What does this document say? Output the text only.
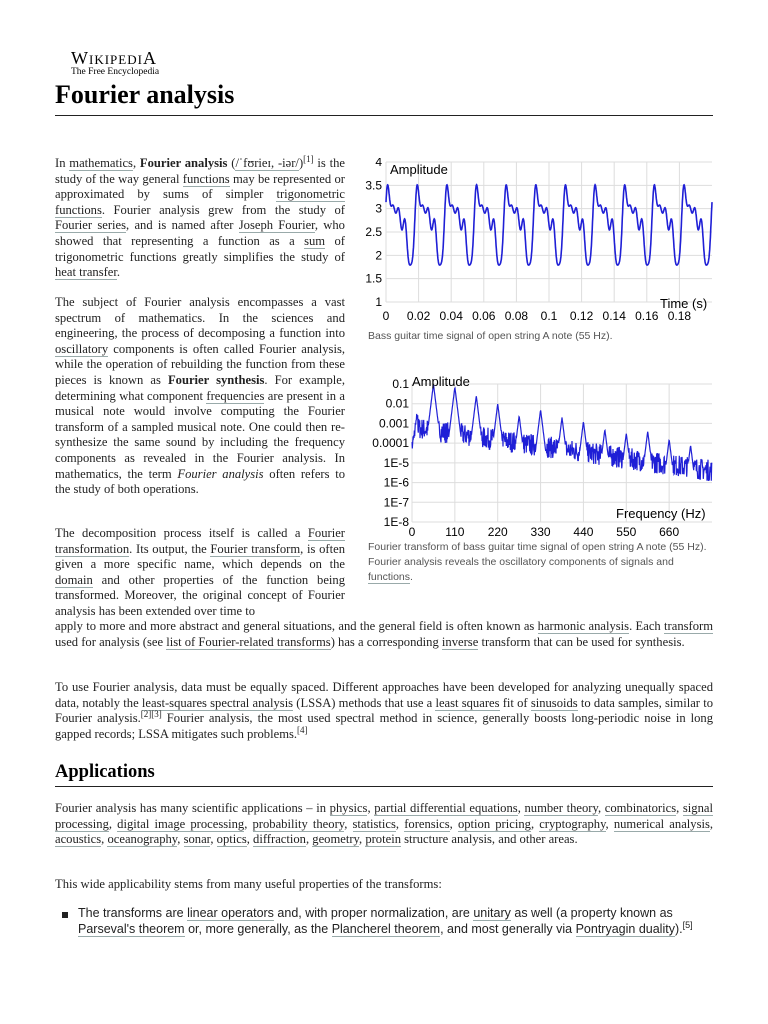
WikipediA
The Free Encyclopedia
Fourier analysis

In mathematics, Fourier analysis (/ˈfʊrieɪ, -iər/)[1] is the study of the way general functions may be represented or approximated by sums of simpler trigonometric functions. Fourier analysis grew from the study of Fourier series, and is named after Joseph Fourier, who showed that representing a function as a sum of trigonometric functions greatly simplifies the study of heat transfer.

The subject of Fourier analysis encompasses a vast spectrum of mathematics. In the sciences and engineering, the process of decomposing a function into oscillatory components is often called Fourier analysis, while the operation of rebuilding the function from these pieces is known as Fourier synthesis. For example, determining what component frequencies are present in a musical note would involve computing the Fourier transform of a sampled musical note. One could then re-synthesize the same sound by including the frequency components as revealed in the Fourier analysis. In mathematics, the term Fourier analysis often refers to the study of both operations.

The decomposition process itself is called a Fourier transformation. Its output, the Fourier transform, is often given a more specific name, which depends on the domain and other properties of the function being transformed. Moreover, the original concept of Fourier analysis has been extended over time to

apply to more and more abstract and general situations, and the general field is often known as harmonic analysis. Each transform used for analysis (see list of Fourier-related transforms) has a corresponding inverse transform that can be used for synthesis.

To use Fourier analysis, data must be equally spaced. Different approaches have been developed for analyzing unequally spaced data, notably the least-squares spectral analysis (LSSA) methods that use a least squares fit of sinusoids to data samples, similar to Fourier analysis.[2][3] Fourier analysis, the most used spectral method in science, generally boosts long-periodic noise in long gapped records; LSSA mitigates such problems.[4]

Applications

Fourier analysis has many scientific applications – in physics, partial differential equations, number theory, combinatorics, signal processing, digital image processing, probability theory, statistics, forensics, option pricing, cryptography, numerical analysis, acoustics, oceanography, sonar, optics, diffraction, geometry, protein structure analysis, and other areas.

This wide applicability stems from many useful properties of the transforms:

The transforms are linear operators and, with proper normalization, are unitary as well (a property known as Parseval's theorem or, more generally, as the Plancherel theorem, and most generally via Pontryagin duality).[5]

4
3.5
3
2.5
2
1.5
1
0 0.02 0.04 0.06 0.08 0.1 0.12 0.14 0.16 0.18
Amplitude
Time (s)
Bass guitar time signal of open string A note (55 Hz).
0.1
0.01
0.001
0.0001
1E-5
1E-6
1E-7
1E-8
0 110 220 330 440 550 660
Amplitude
Frequency (Hz)
Fourier transform of bass guitar time signal of open string A note (55 Hz). Fourier analysis reveals the oscillatory components of signals and functions.
